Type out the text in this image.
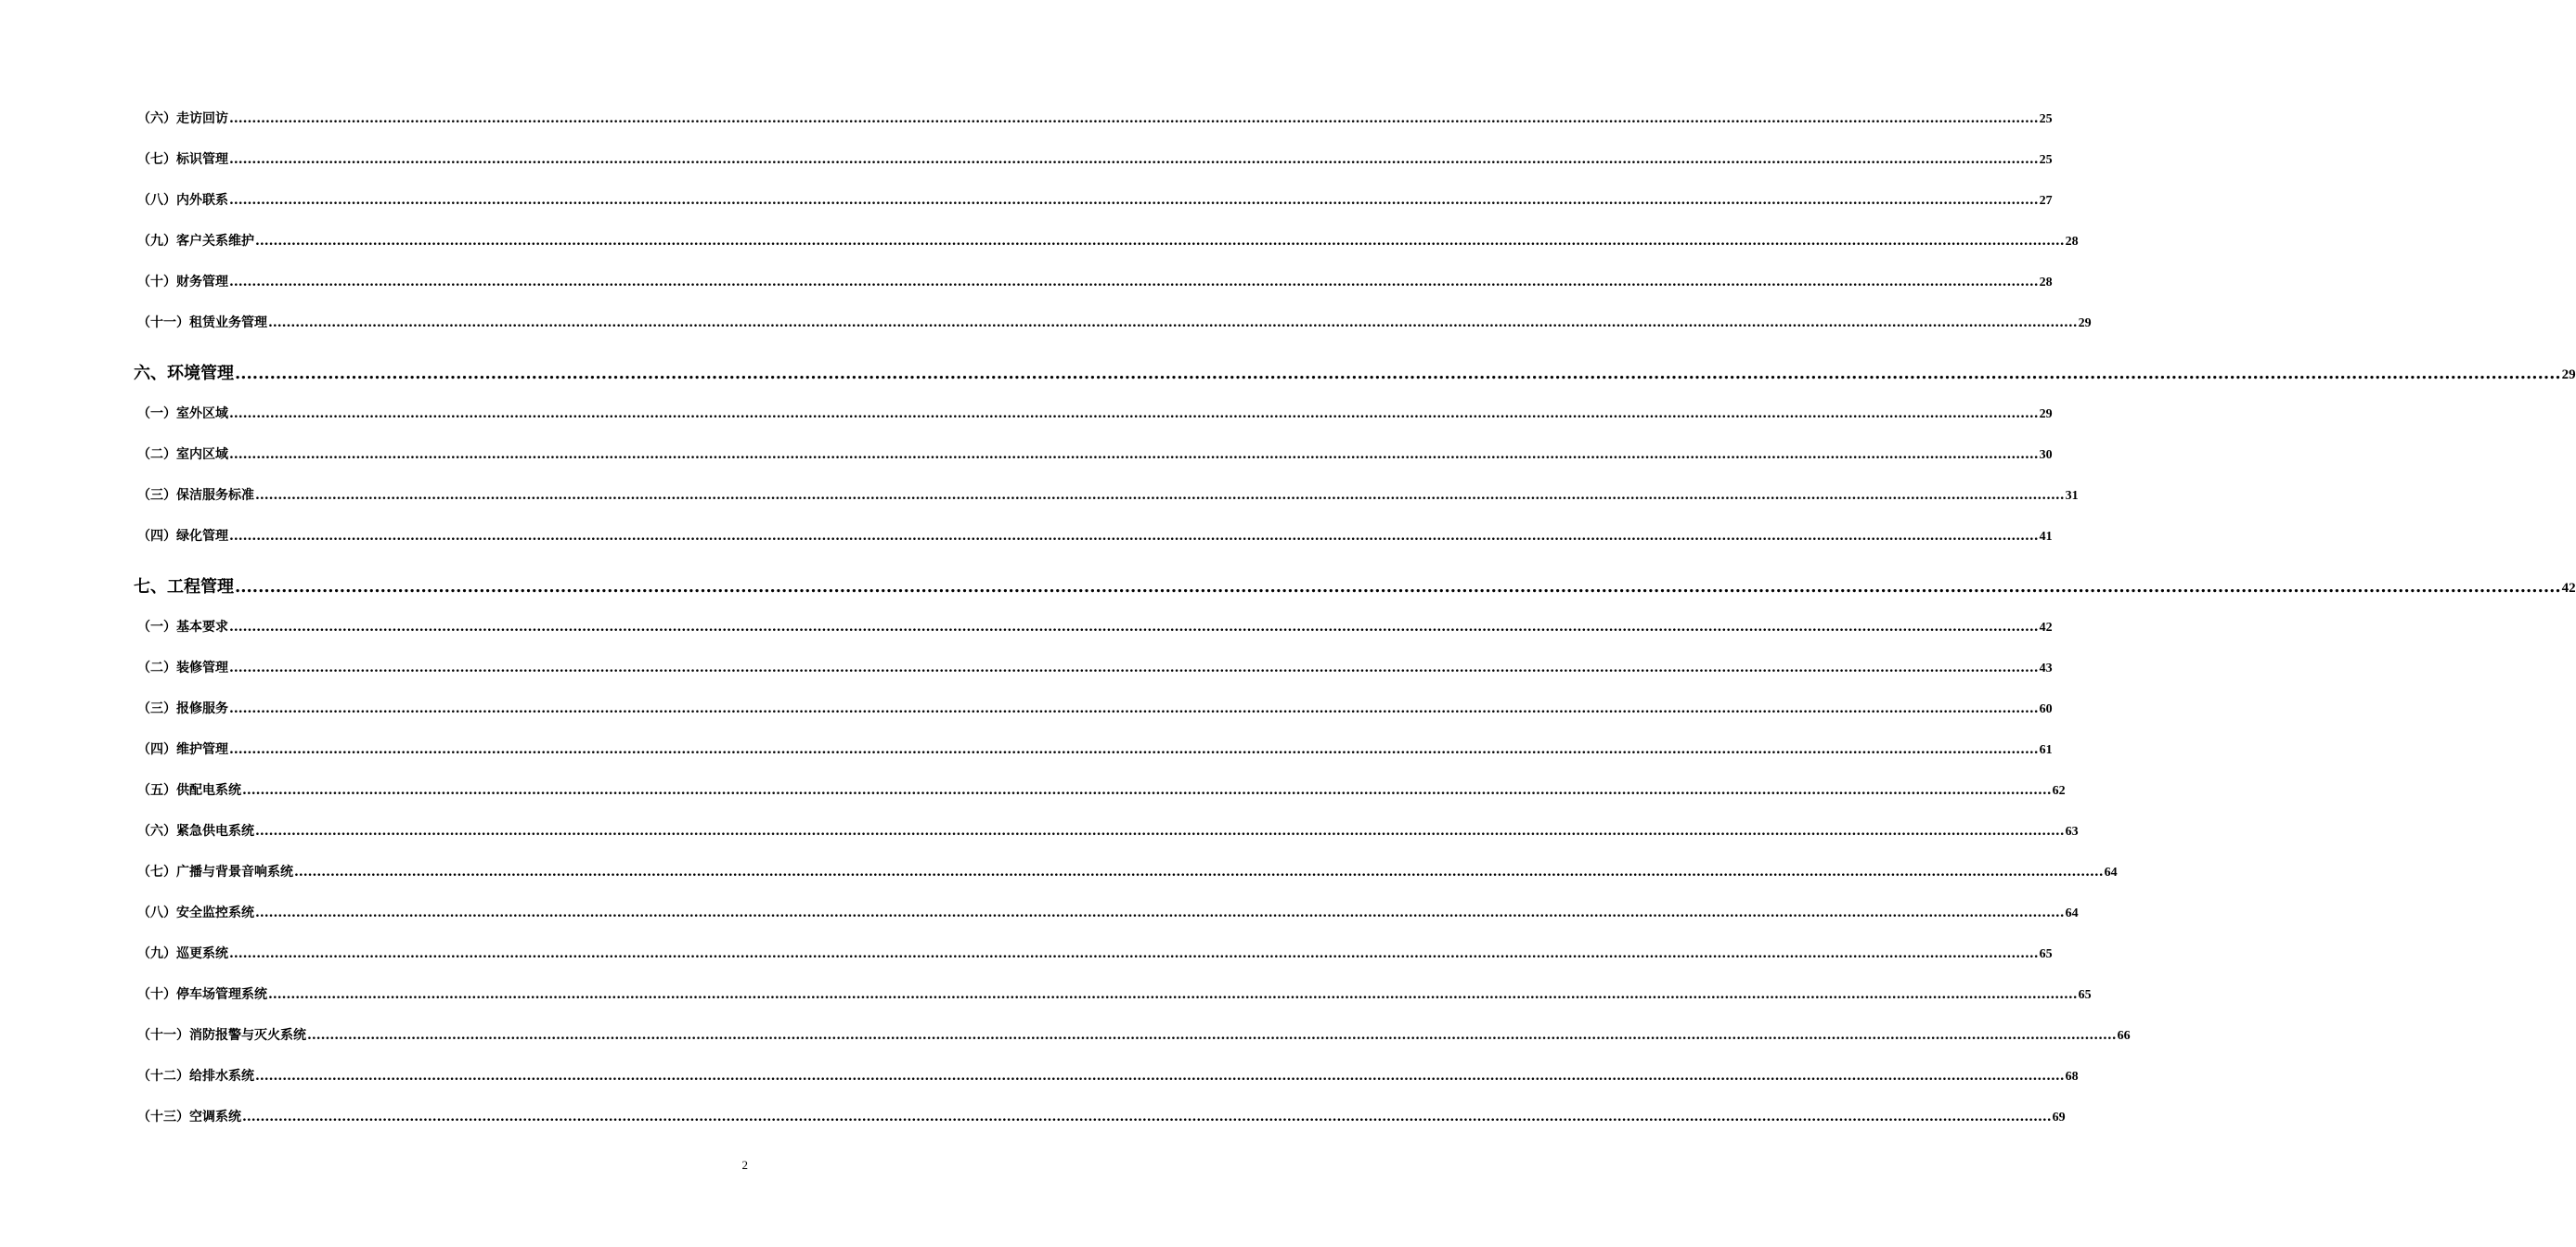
（六）走访回访 ................................................................................................................................................................................................................................................................................................................................................................................................................ 25
（七）标识管理 ................................................................................................................................................................................................................................................................................................................................................................................................................ 25
（八）内外联系 ................................................................................................................................................................................................................................................................................................................................................................................................................ 27
（九）客户关系维护 ................................................................................................................................................................................................................................................................................................................................................................................................................ 28
（十）财务管理 ................................................................................................................................................................................................................................................................................................................................................................................................................ 28
（十一）租赁业务管理 ................................................................................................................................................................................................................................................................................................................................................................................................................ 29
六、环境管理 ................................................................................................................................................................................................................................................................................................................................................................................................................ 29
（一）室外区域 ................................................................................................................................................................................................................................................................................................................................................................................................................ 29
（二）室内区域 ................................................................................................................................................................................................................................................................................................................................................................................................................ 30
（三）保洁服务标准 ................................................................................................................................................................................................................................................................................................................................................................................................................ 31
（四）绿化管理 ................................................................................................................................................................................................................................................................................................................................................................................................................ 41
七、工程管理 ................................................................................................................................................................................................................................................................................................................................................................................................................ 42
（一）基本要求 ................................................................................................................................................................................................................................................................................................................................................................................................................ 42
（二）装修管理 ................................................................................................................................................................................................................................................................................................................................................................................................................ 43
（三）报修服务 ................................................................................................................................................................................................................................................................................................................................................................................................................ 60
（四）维护管理 ................................................................................................................................................................................................................................................................................................................................................................................................................ 61
（五）供配电系统 ................................................................................................................................................................................................................................................................................................................................................................................................................ 62
（六）紧急供电系统 ................................................................................................................................................................................................................................................................................................................................................................................................................ 63
（七）广播与背景音响系统 ................................................................................................................................................................................................................................................................................................................................................................................................................ 64
（八）安全监控系统 ................................................................................................................................................................................................................................................................................................................................................................................................................ 64
（九）巡更系统 ................................................................................................................................................................................................................................................................................................................................................................................................................ 65
（十）停车场管理系统 ................................................................................................................................................................................................................................................................................................................................................................................................................ 65
（十一）消防报警与灭火系统 ................................................................................................................................................................................................................................................................................................................................................................................................................ 66
（十二）给排水系统 ................................................................................................................................................................................................................................................................................................................................................................................................................ 68
（十三）空调系统 ................................................................................................................................................................................................................................................................................................................................................................................................................ 69
2
